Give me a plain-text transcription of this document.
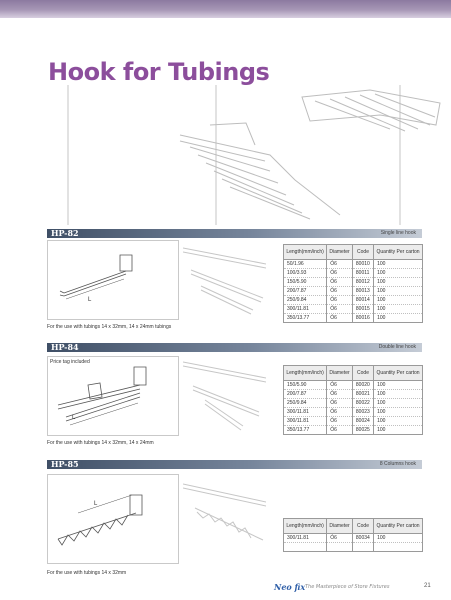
Hook for Tubings
HP-82	Single line hook
L
Length(mm/inch)	Diameter	Code	Quantity Per carton
50/1.96	Ó6	80010	100
100/3.93	Ó6	80011	100
150/5.90	Ó6	80012	100
200/7.87	Ó6	80013	100
250/9.84	Ó6	80014	100
300/11.81	Ó6	80015	100
350/13.77	Ó6	80016	100
For the use with tubings 14 x 32mm, 14 x 24mm tubings
HP-84	Double line hook
L
Price tag included
Length(mm/inch)	Diameter	Code	Quantity Per carton
150/5.90	Ó6	80020	100
200/7.87	Ó6	80021	100
250/9.84	Ó6	80022	100
300/11.81	Ó6	80023	100
300/11.81	Ó6	80024	100
350/13.77	Ó6	80025	100
For the use with tubings 14 x 32mm, 14 x 24mm
HP-85	8 Columns hook
L
Length(mm/inch)	Diameter	Code	Quantity Per carton
300/11.81	Ó6	80034	100

For the use with tubings 14 x 32mm
Neo fix The Masterpiece of Store Fixtures	21
